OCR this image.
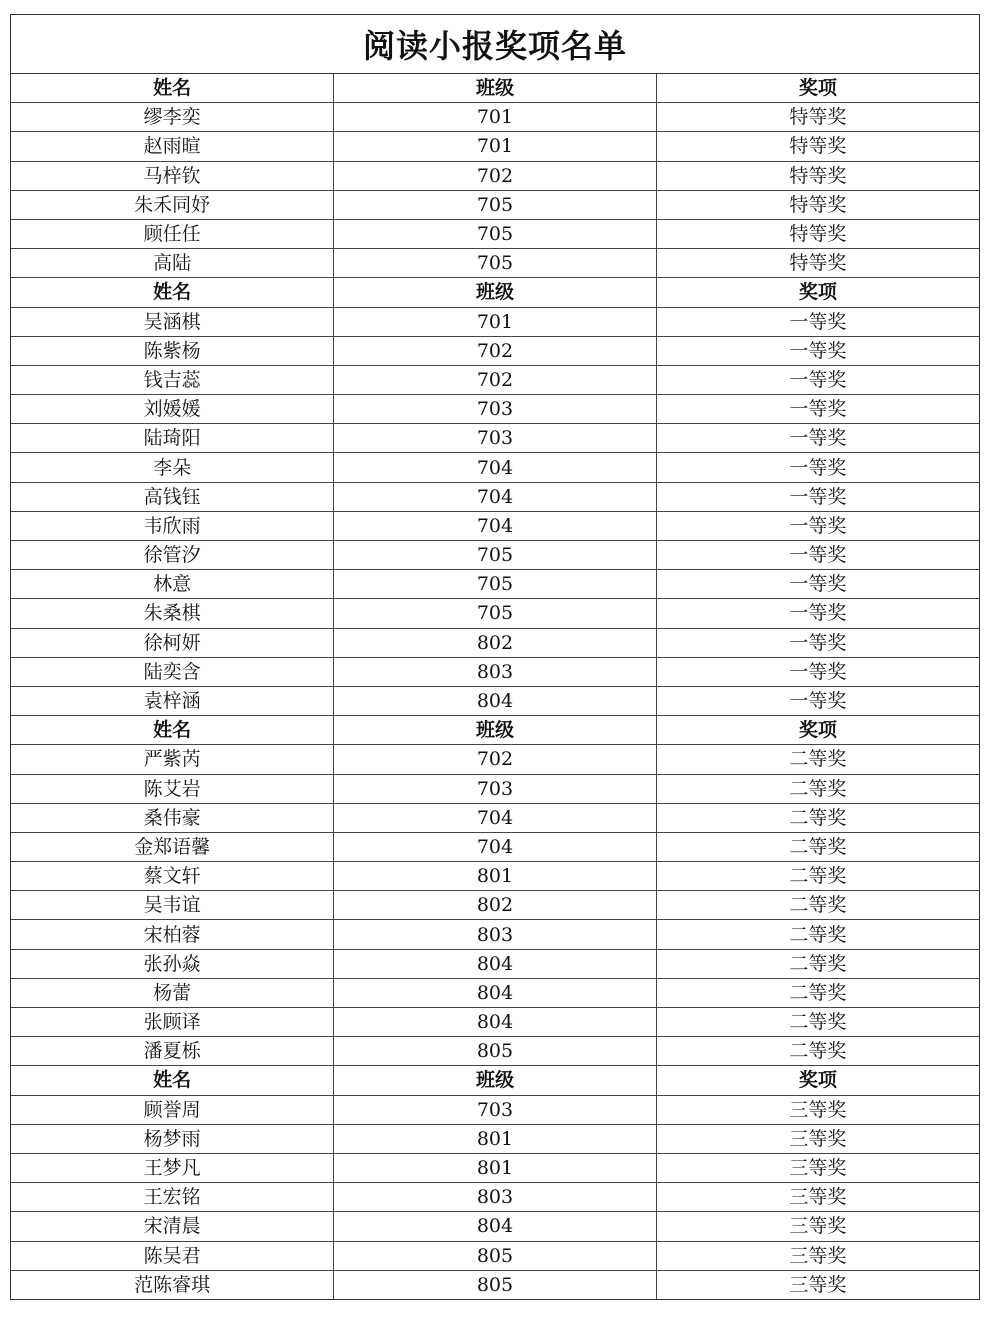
阅读小报奖项名单
姓名	班级	奖项
缪李奕	701	特等奖
赵雨暄	701	特等奖
马梓钦	702	特等奖
朱禾同妤	705	特等奖
顾任任	705	特等奖
高陆	705	特等奖
姓名	班级	奖项
吴涵棋	701	一等奖
陈紫杨	702	一等奖
钱吉蕊	702	一等奖
刘媛媛	703	一等奖
陆琦阳	703	一等奖
李朵	704	一等奖
高钱钰	704	一等奖
韦欣雨	704	一等奖
徐管汐	705	一等奖
林意	705	一等奖
朱桑棋	705	一等奖
徐柯妍	802	一等奖
陆奕含	803	一等奖
袁梓涵	804	一等奖
姓名	班级	奖项
严紫芮	702	二等奖
陈艾岩	703	二等奖
桑伟豪	704	二等奖
金郑语馨	704	二等奖
蔡文轩	801	二等奖
吴韦谊	802	二等奖
宋柏蓉	803	二等奖
张孙焱	804	二等奖
杨蕾	804	二等奖
张顾译	804	二等奖
潘夏栎	805	二等奖
姓名	班级	奖项
顾誉周	703	三等奖
杨梦雨	801	三等奖
王梦凡	801	三等奖
王宏铭	803	三等奖
宋清晨	804	三等奖
陈吴君	805	三等奖
范陈睿琪	805	三等奖
